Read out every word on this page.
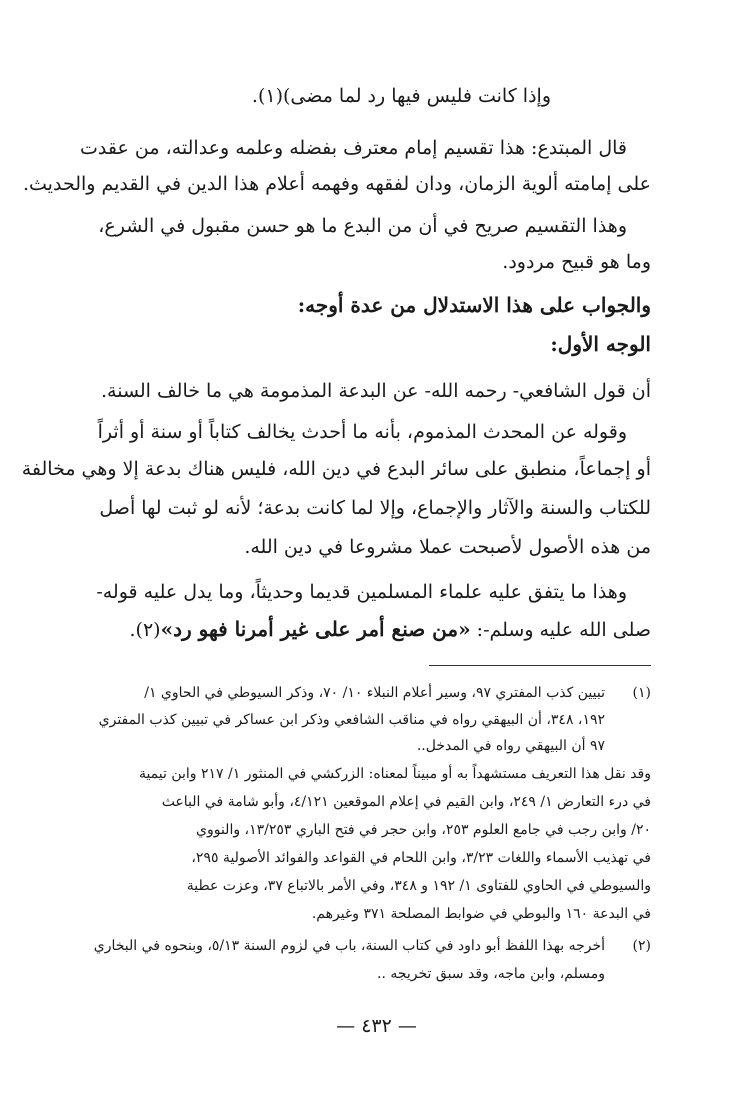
وإذا كانت فليس فيها رد لما مضى)(١).
قال المبتدع: هذا تقسيم إمام معترف بفضله وعلمه وعدالته، من عقدت
على إمامته ألوية الزمان، ودان لفقهه وفهمه أعلام هذا الدين في القديم والحديث.
وهذا التقسيم صريح في أن من البدع ما هو حسن مقبول في الشرع،
وما هو قبيح مردود.
والجواب على هذا الاستدلال من عدة أوجه:
الوجه الأول:
أن قول الشافعي- رحمه الله- عن البدعة المذمومة هي ما خالف السنة.
وقوله عن المحدث المذموم، بأنه ما أحدث يخالف كتاباً أو سنة أو أثراً
أو إجماعاً، منطبق على سائر البدع في دين الله، فليس هناك بدعة إلا وهي مخالفة
للكتاب والسنة والآثار والإجماع، وإلا لما كانت بدعة؛ لأنه لو ثبت لها أصل
من هذه الأصول لأصبحت عملا مشروعا في دين الله.
وهذا ما يتفق عليه علماء المسلمين قديما وحديثاً، وما يدل عليه قوله-
صلى الله عليه وسلم-: «من صنع أمر على غير أمرنا فهو رد»(٢).
(١)
تبيين كذب المفتري ٩٧، وسير أعلام النبلاء ١٠/ ٧٠، وذكر السيوطي في الحاوي ١/
١٩٢، ٣٤٨، أن البيهقي رواه في مناقب الشافعي وذكر ابن عساكر في تبيين كذب المفتري
٩٧ أن البيهقي رواه في المدخل..
وقد نقل هذا التعريف مستشهداً به أو مبيناً لمعناه: الزركشي في المنثور ١/ ٢١٧ وابن تيمية
في درء التعارض ١/ ٢٤٩، وابن القيم في إعلام الموقعين ٤/١٢١، وأبو شامة في الباعث
٢٠/ وابن رجب في جامع العلوم ٢٥٣، وابن حجر في فتح الباري ١٣/٢٥٣، والنووي
في تهذيب الأسماء واللغات ٣/٢٣، وابن اللحام في القواعد والفوائد الأصولية ٢٩٥،
والسيوطي في الحاوي للفتاوى ١/ ١٩٢ و ٣٤٨، وفي الأمر بالاتباع ٣٧، وعزت عطية
في البدعة ١٦٠ والبوطي في ضوابط المصلحة ٣٧١ وغيرهم.
(٢)
أخرجه بهذا اللفظ أبو داود في كتاب السنة، باب في لزوم السنة ٥/١٣، وبنحوه في البخاري
ومسلم، وابن ماجه، وقد سبق تخريجه ..
— ٤٣٢ —
